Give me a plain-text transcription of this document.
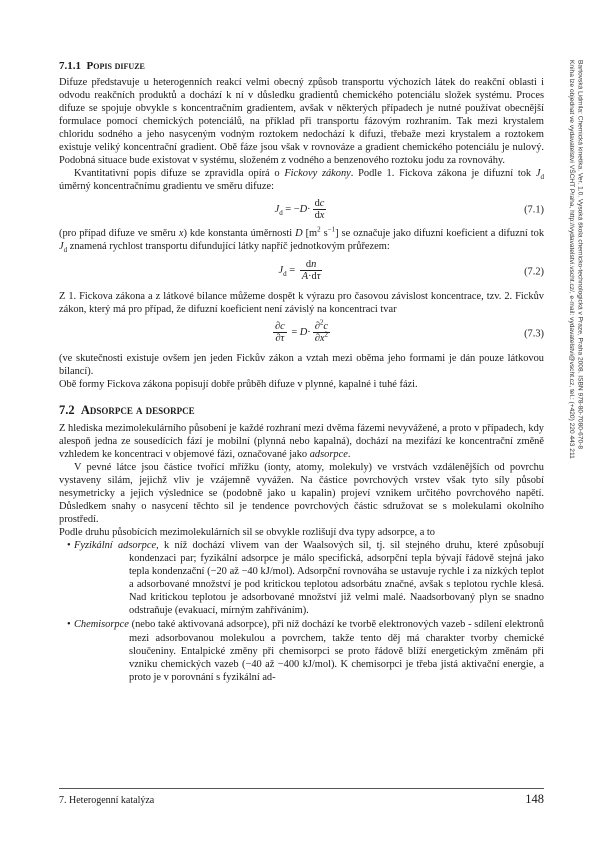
7.1.1 Popis difuze

Difuze představuje u heterogenních reakcí velmi obecný způsob transportu výchozích látek do reakční oblasti i odvodu reakčních produktů a dochází k ní v důsledku gradientů chemického potenciálu složek systému. Proces difuze se spojuje obvykle s koncentračním gradientem, avšak v některých případech je nutné používat obecnější formulace pomocí chemických potenciálů, na příklad při transportu fázovým rozhraním. Tak mezi krystalem chloridu sodného a jeho nasyceným vodným roztokem nedochází k difuzi, třebaže mezi krystalem a roztokem existuje veliký koncentrační gradient. Obě fáze jsou však v rovnováze a gradient chemického potenciálu je nulový. Podobná situace bude existovat v systému, složeném z vodného a benzenového roztoku jodu za rovnováhy.

Kvantitativní popis difuze se zpravidla opírá o Fickovy zákony. Podle 1. Fickova zákona je difuzní tok $J_d$ úměrný koncentračnímu gradientu ve směru difuze:

$J_d = -D\cdot \frac{dc}{dx}$	(7.1)

(pro případ difuze ve směru x) kde konstanta úměrnosti D [$m^2$ $s^{-1}$] se označuje jako difuzní koeficient a difuzní tok $J_d$ znamená rychlost transportu difundující látky napříč jednotkovým průřezem:

$J_d = \frac{dn}{A\cdot d\tau}$	(7.2)

Z 1. Fickova zákona a z látkové bilance můžeme dospět k výrazu pro časovou závislost koncentrace, tzv. 2. Fickův zákon, který má pro případ, že difuzní koeficient není závislý na koncentraci tvar

$\frac{\partial c}{\partial\tau} = D\cdot \frac{\partial^2c}{\partial x^2}$	(7.3)

(ve skutečnosti existuje ovšem jen jeden Fickův zákon a vztah mezi oběma jeho formami je dán pouze látkovou bilancí).

Obě formy Fickova zákona popisují dobře průběh difuze v plynné, kapalné i tuhé fázi.

7.2 Adsorpce a desorpce

Z hlediska mezimolekulárního působení je každé rozhraní mezi dvěma fázemi nevyvážené, a proto v případech, kdy alespoň jedna ze sousedících fází je mobilní (plynná nebo kapalná), dochází na mezifází ke koncentrační změně vzhledem ke koncentraci v objemové fázi, označované jako adsorpce.

V pevné látce jsou částice tvořící mřížku (ionty, atomy, molekuly) ve vrstvách vzdálenějších od povrchu vystaveny silám, jejichž vliv je vzájemně vyvážen. Na částice povrchových vrstev však tyto síly působí nesymetricky a jejich výslednice se (podobně jako u kapalin) projeví vznikem určitého povrchového napětí. Důsledkem snahy o nasycení těchto sil je tendence povrchových částic sdružovat se s molekulami okolního prostředí.

Podle druhu působících mezimolekulárních sil se obvykle rozlišují dva typy adsorpce, a to

• Fyzikální adsorpce, k níž dochází vlivem van der Waalsových sil, tj. sil stejného druhu, které způsobují kondenzaci par; fyzikální adsorpce je málo specifická, adsorpční tepla bývají řádově stejná jako tepla kondenzační (−20 až −40 kJ/mol). Adsorpční rovnováha se ustavuje rychle i za nízkých teplot a adsorbované množství je pod kritickou teplotou adsorbátu značné, avšak s teplotou rychle klesá. Nad kritickou teplotou je adsorbované množství již velmi malé. Naadsorbovaný plyn se snadno odstraňuje (evakuací, mírným zahříváním).

• Chemisorpce (nebo také aktivovaná adsorpce), při níž dochází ke tvorbě elektronových vazeb - sdílení elektronů mezi adsorbovanou molekulou a povrchem, takže tento děj má charakter tvorby chemické sloučeniny. Entalpické změny při chemisorpci se proto řádově blíží energetickým změnám při vzniku chemických vazeb (−40 až −400 kJ/mol). K chemisorpci je třeba jistá aktivační energie, a proto je v porovnání s fyzikální ad-

7. Heterogenní katalýza	148
Bartovská Lidmila: Chemická kinetika. Ver. 1.0. Vysoká škola chemicko-technologická v Praze, Praha 2008. ISBN 978-80-7080-670-8
Kniha lze objednat ve vydavatelství VŠCHT Praha, http://vydavatelstvi.vscht.cz/, e-mail: vydavatelstvi@vscht.cz, tel.: (+420) 220 443 211
